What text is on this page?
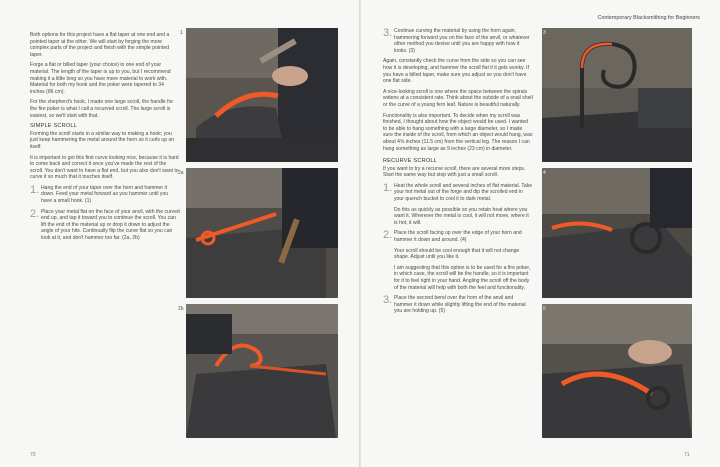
Both options for this project have a flat taper at one end and a pointed taper at the other. We will start by forging the more complex parts of the project and finish with the simple pointed taper.

Forge a flat or billed taper (your choice) in one end of your material. The length of the taper is up to you, but I recommend making it a little long so you have more material to work with. Material for both my hook and the poker were tapered to 34 inches (86 cm).

For the shepherd's hook, I made one large scroll, the handle for the fire poker is what I call a recurved scroll. The large scroll is easiest, so we'll start with that.

SIMPLE SCROLL

Forming the scroll starts in a similar way to making a hook; you just keep hammering the metal around the horn so it curls up on itself.

It is important to get this first curve looking nice, because it is hard to come back and correct it once you've made the rest of the scroll. You don't want to have a flat end, but you also don't want to curve it so much that it touches itself.

1. Hang the end of your taper over the horn and hammer it down. Feed your metal forward as you hammer until you have a small hook. (1)
2. Place your metal flat on the face of your anvil, with the curved end up, and tap it toward you to continue the scroll. You can lift the end of the material up or drop it down to adjust the angle of your hits. Continually flip the curve flat so you can look at it, and don't hammer too far. (2a, 2b)
1
2a
2b
70
Contemporary Blacksmithing for Beginners
3. Continue curving the material by using the horn again, hammering forward you on the face of the anvil, or whatever other method you devise until you are happy with how it looks. (3)

Again, constantly check the curve from the side so you can see how it is developing, and hammer the scroll flat if it gets wonky. If you have a billed taper, make sure you adjust so you don't have one flat side.

A nice-looking scroll is one where the space between the spirals widens at a consistent rate. Think about the outside of a snail shell or the curve of a young fern leaf. Nature is beautiful naturally.

Functionality is also important. To decide when my scroll was finished, I thought about how the object would be used. I wanted to be able to hang something with a large diameter, so I made sure the inside of the scroll, from which an object would hang, was about 4⅝ inches (11.5 cm) from the vertical leg. The reason I can hang something as large as 9 inches (23 cm) in diameter.

RECURVE SCROLL

If you want to try a recurve scroll, there are several more steps. Start the same way but stop with just a small scroll.

1. Heat the whole scroll and several inches of flat material. Take your hot metal out of the forge and dip the scrolled end in your quench bucket to cool it to dark metal.

Do this as quickly as possible so you retain heat where you want it. Wherever the metal is cool, it will not move, where it is hot, it will.

2. Place the scroll facing up over the edge of your horn and hammer it down and around. (4)

Your scroll should be cool enough that it will not change shape. Adjust until you like it.

I am suggesting that this option is to be used for a fire poker, in which case, the scroll will be the handle, so it is important for it to feel right in your hand. Angling the scroll off the body of the material will help with both the feel and functionality.

3. Place the second bend over the horn of the anvil and hammer it down while slightly lifting the end of the material you are holding up. (5)
3
4
5
71
